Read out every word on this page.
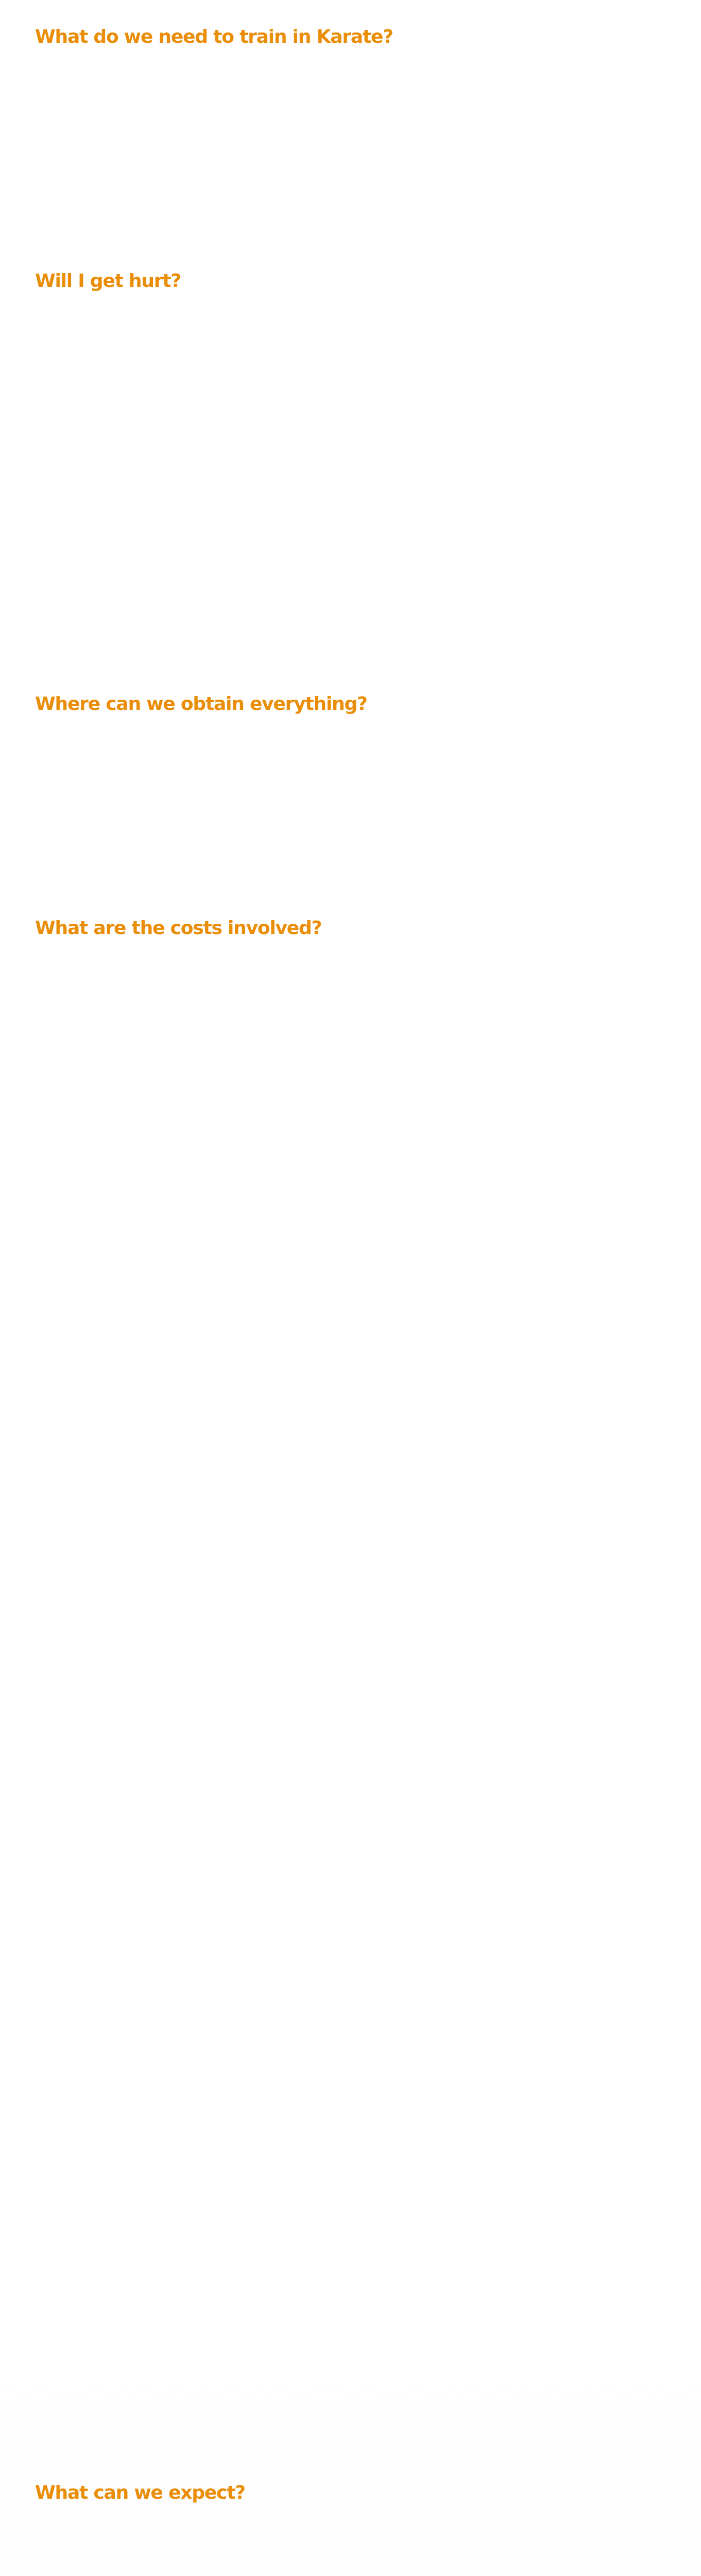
What do we need to train in Karate?
Will I get hurt?
Where can we obtain everything?
What are the costs involved?
What can we expect?
